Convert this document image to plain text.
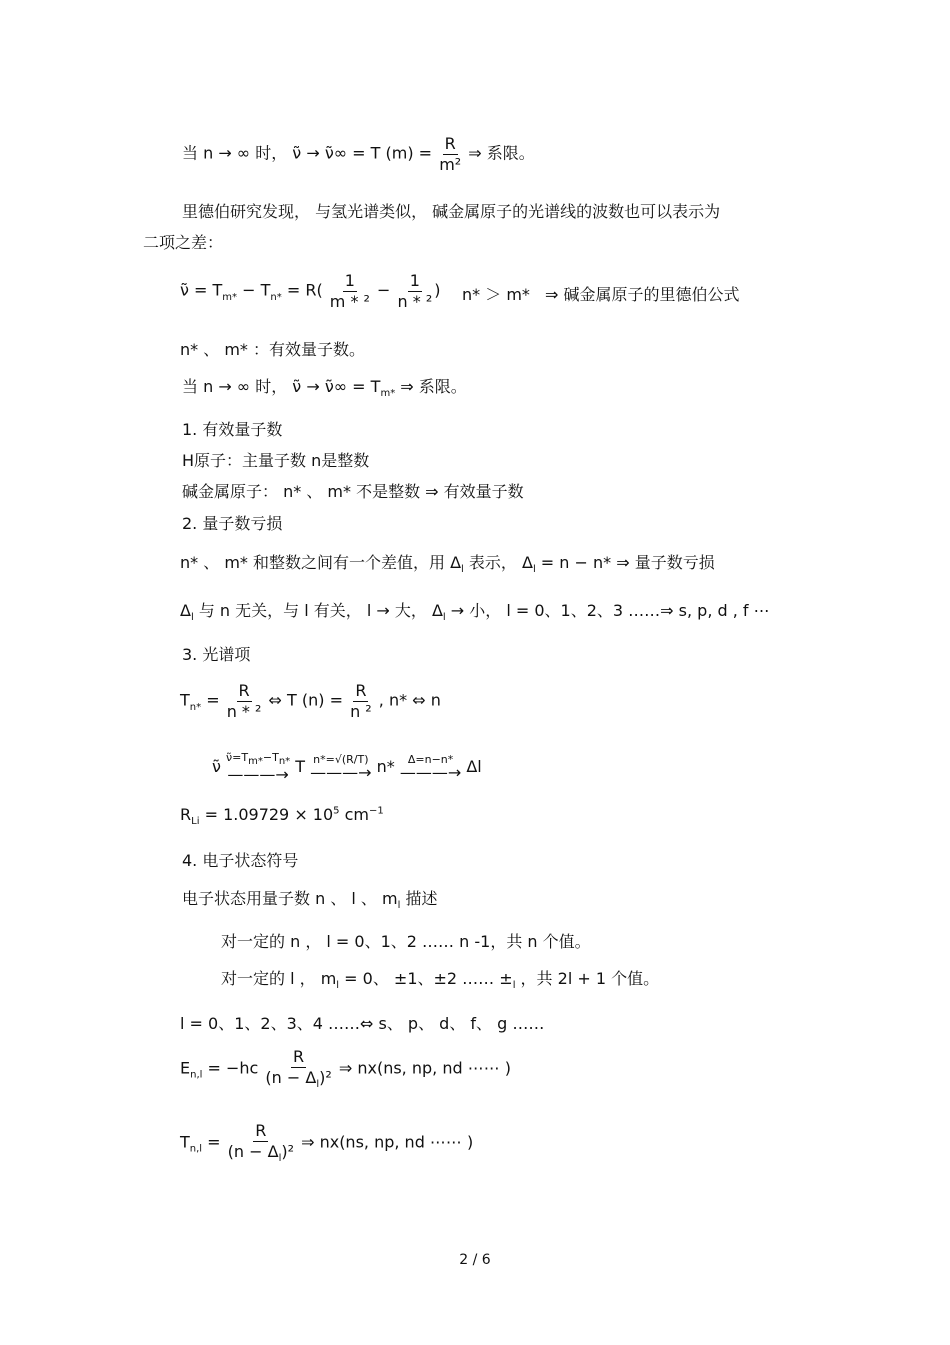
当 n → ∞ 时， ν̃ → ν̃∞ = T $(m) = \frac{R}{\text{m²}}$ ⇒ 系限。
里德伯研究发现， 与氢光谱类似， 碱金属原子的光谱线的波数也可以表示为
二项之差：
ν̃ = $T_{m*} - T_{n*} = R( \frac{1}{\text{m * ²}} - \frac{1}{\text{n * ²}}$ ) n* ＞ m* ⇒ 碱金属原子的里德伯公式
n* 、 m* ：有效量子数。
当 n → ∞ 时， ν̃ → ν̃∞ = $T_{m*}$ ⇒ 系限。
1. 有效量子数
H原子：主量子数 n是整数
碱金属原子： n* 、 m* 不是整数 ⇒ 有效量子数
2. 量子数亏损
n* 、 m* 和整数之间有一个差值，用 $\Delta_l$ 表示， $\Delta_l = n - n*$ ⇒ 量子数亏损
$\Delta_l$ 与 n 无关，与 l 有关， l → 大， $\Delta_l$ → 小， l = 0、1、2、3 ……⇒ s, p, d , f ⋯
3. 光谱项
$T_{n*} = \frac{R}{\text{n * ²}}$ ⇔ T $(n) = \frac{R}{\text{n ²}}$ , n* ⇔ n
ν̃ $\nũ=T_{m*}-T_{n*}$
———→ T n*=√(R/T)
———→ n* Δ=n−n*
———→ Δl
$R_{Li} = 1.09729 \times 10^5$ $cm^{-1}$
4. 电子状态符号
电子状态用量子数 n 、 l 、 $m_l$ 描述
对一定的 n ， l = 0、1、2 …… n -1，共 n 个值。
对一定的 l ， $m_l = 0$、 ±1、±2 …… $\pm_l$ ，共 2l + 1 个值。
l = 0、1、2、3、4 ……⇔ s、 p、 d、 f、 g ……
$E_{n,l} = -hc \frac{R}{(n - \Delta_l)^2}$ ⇒ nx(ns, np, nd ⋯⋯ )
$T_{n,l} = \frac{R}{(n - \Delta_l)^2}$ ⇒ nx(ns, np, nd ⋯⋯ )
2 / 6
